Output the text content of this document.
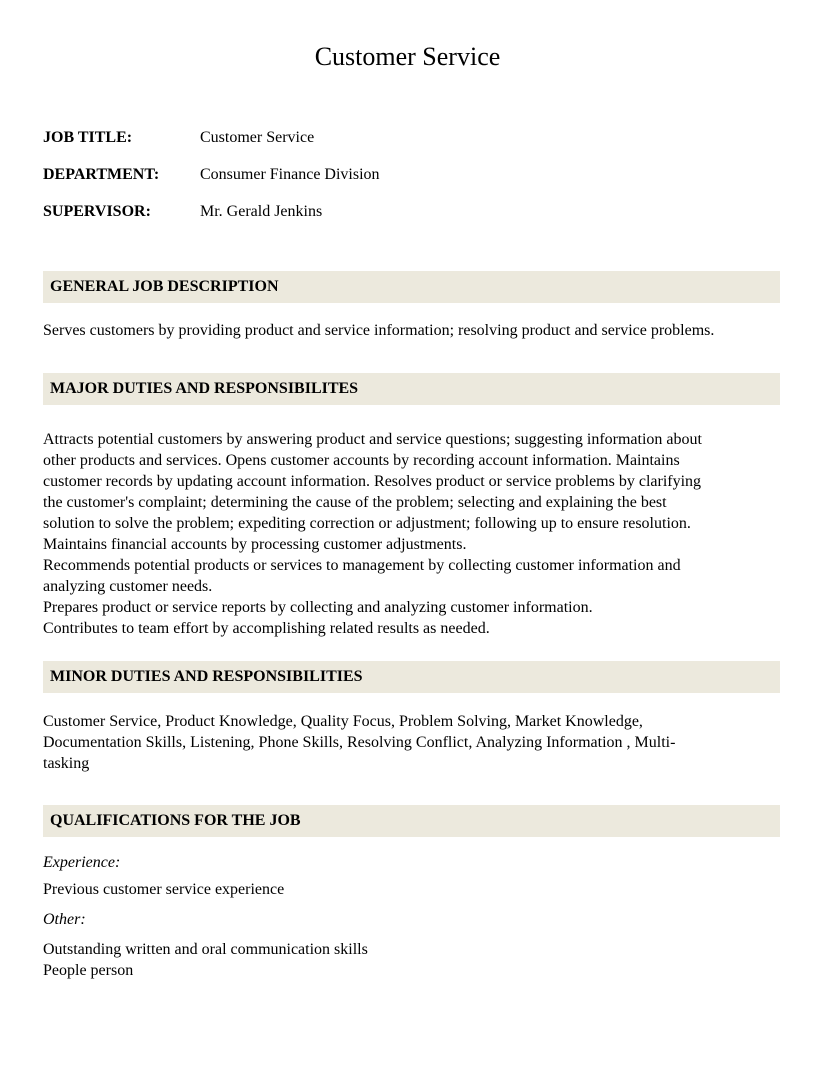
Customer Service
JOB TITLE:	Customer Service
DEPARTMENT:	Consumer Finance Division
SUPERVISOR:	Mr. Gerald Jenkins
GENERAL JOB DESCRIPTION
Serves customers by providing product and service information; resolving product and service problems.
MAJOR DUTIES AND RESPONSIBILITES
Attracts potential customers by answering product and service questions; suggesting information about
other products and services. Opens customer accounts by recording account information. Maintains
customer records by updating account information. Resolves product or service problems by clarifying
the customer's complaint; determining the cause of the problem; selecting and explaining the best
solution to solve the problem; expediting correction or adjustment; following up to ensure resolution.
Maintains financial accounts by processing customer adjustments.
Recommends potential products or services to management by collecting customer information and
analyzing customer needs.
Prepares product or service reports by collecting and analyzing customer information.
Contributes to team effort by accomplishing related results as needed.
MINOR DUTIES AND RESPONSIBILITIES
Customer Service, Product Knowledge, Quality Focus, Problem Solving, Market Knowledge,
Documentation Skills, Listening, Phone Skills, Resolving Conflict, Analyzing Information , Multi-
tasking
QUALIFICATIONS FOR THE JOB
Experience:
Previous customer service experience
Other:
Outstanding written and oral communication skills
People person
